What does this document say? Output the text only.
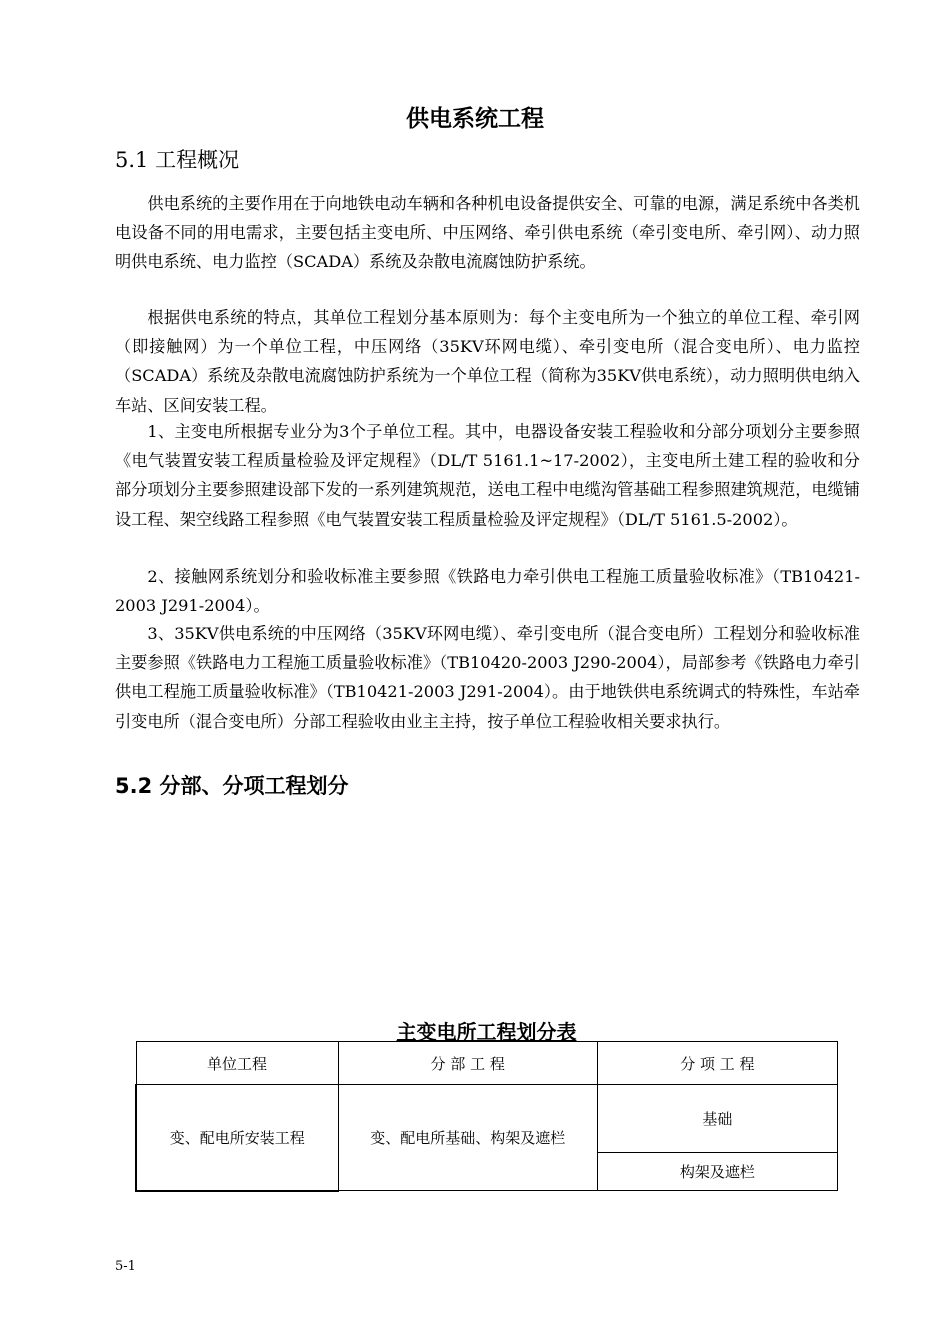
供电系统工程
5.1 工程概况

供电系统的主要作用在于向地铁电动车辆和各种机电设备提供安全、可靠的电源，满足系统中各类机电设备不同的用电需求，主要包括主变电所、中压网络、牵引供电系统（牵引变电所、牵引网）、动力照明供电系统、电力监控（SCADA）系统及杂散电流腐蚀防护系统。

根据供电系统的特点，其单位工程划分基本原则为：每个主变电所为一个独立的单位工程、牵引网（即接触网）为一个单位工程，中压网络（35KV环网电缆）、牵引变电所（混合变电所）、电力监控（SCADA）系统及杂散电流腐蚀防护系统为一个单位工程（简称为35KV供电系统），动力照明供电纳入车站、区间安装工程。

1、主变电所根据专业分为3个子单位工程。其中，电器设备安装工程验收和分部分项划分主要参照《电气装置安装工程质量检验及评定规程》（DL/T 5161.1~17-2002），主变电所土建工程的验收和分部分项划分主要参照建设部下发的一系列建筑规范，送电工程中电缆沟管基础工程参照建筑规范，电缆铺设工程、架空线路工程参照《电气装置安装工程质量检验及评定规程》（DL/T 5161.5-2002）。

2、接触网系统划分和验收标准主要参照《铁路电力牵引供电工程施工质量验收标准》（TB10421-2003 J291-2004）。

3、35KV供电系统的中压网络（35KV环网电缆）、牵引变电所（混合变电所）工程划分和验收标准主要参照《铁路电力工程施工质量验收标准》（TB10420-2003 J290-2004），局部参考《铁路电力牵引供电工程施工质量验收标准》（TB10421-2003 J291-2004）。由于地铁供电系统调式的特殊性，车站牵引变电所（混合变电所）分部工程验收由业主主持，按子单位工程验收相关要求执行。

5.2 分部、分项工程划分
主变电所工程划分表
单位工程	分 部 工 程	分 项 工 程
变、配电所安装工程	变、配电所基础、构架及遮栏	基础
		构架及遮栏
5-1
